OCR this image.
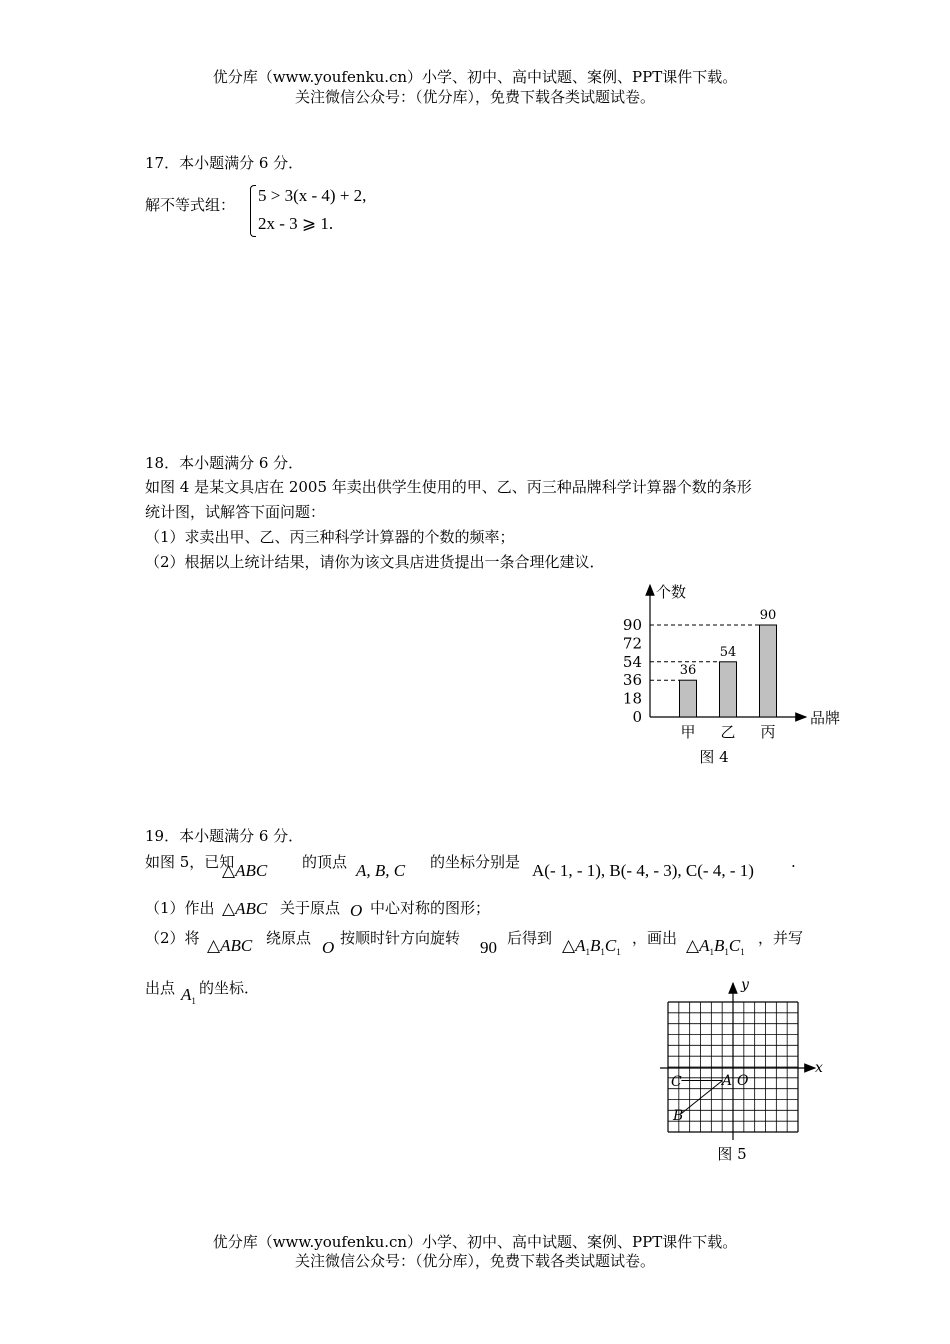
优分库（www.youfenku.cn）小学、初中、高中试题、案例、PPT课件下载。
关注微信公众号：（优分库），免费下载各类试题试卷。
17．本小题满分 6 分．
解不等式组： 5 > 3(x - 4) + 2,
2x - 3 ⩾ 1.
18．本小题满分 6 分．
如图 4 是某文具店在 2005 年卖出供学生使用的甲、乙、丙三种品牌科学计算器个数的条形
统计图，试解答下面问题：
（1）求卖出甲、乙、丙三种科学计算器的个数的频率；
（2）根据以上统计结果，请你为该文具店进货提出一条合理化建议．
个数
品牌
0
18
36
54
72
90
36
54
90
甲 乙 丙
图 4
19．本小题满分 6 分．
如图 5，已知
△ABC 的顶点 A, B, C 的坐标分别是 A(- 1, - 1), B(- 4, - 3), C(- 4, - 1) .
（1）作出 △ABC 关于原点 O 中心对称的图形；
（2）将 △ABC 绕原点 O 按顺时针方向旋转 90 后得到 $\triangle A_1B_1C_1$
，画出 $\triangle A_1B_1C_1$
，并写
出点 $A_1$
的坐标．
x
y
C	A O
B
图 5
优分库（www.youfenku.cn）小学、初中、高中试题、案例、PPT课件下载。
关注微信公众号：（优分库），免费下载各类试题试卷。
